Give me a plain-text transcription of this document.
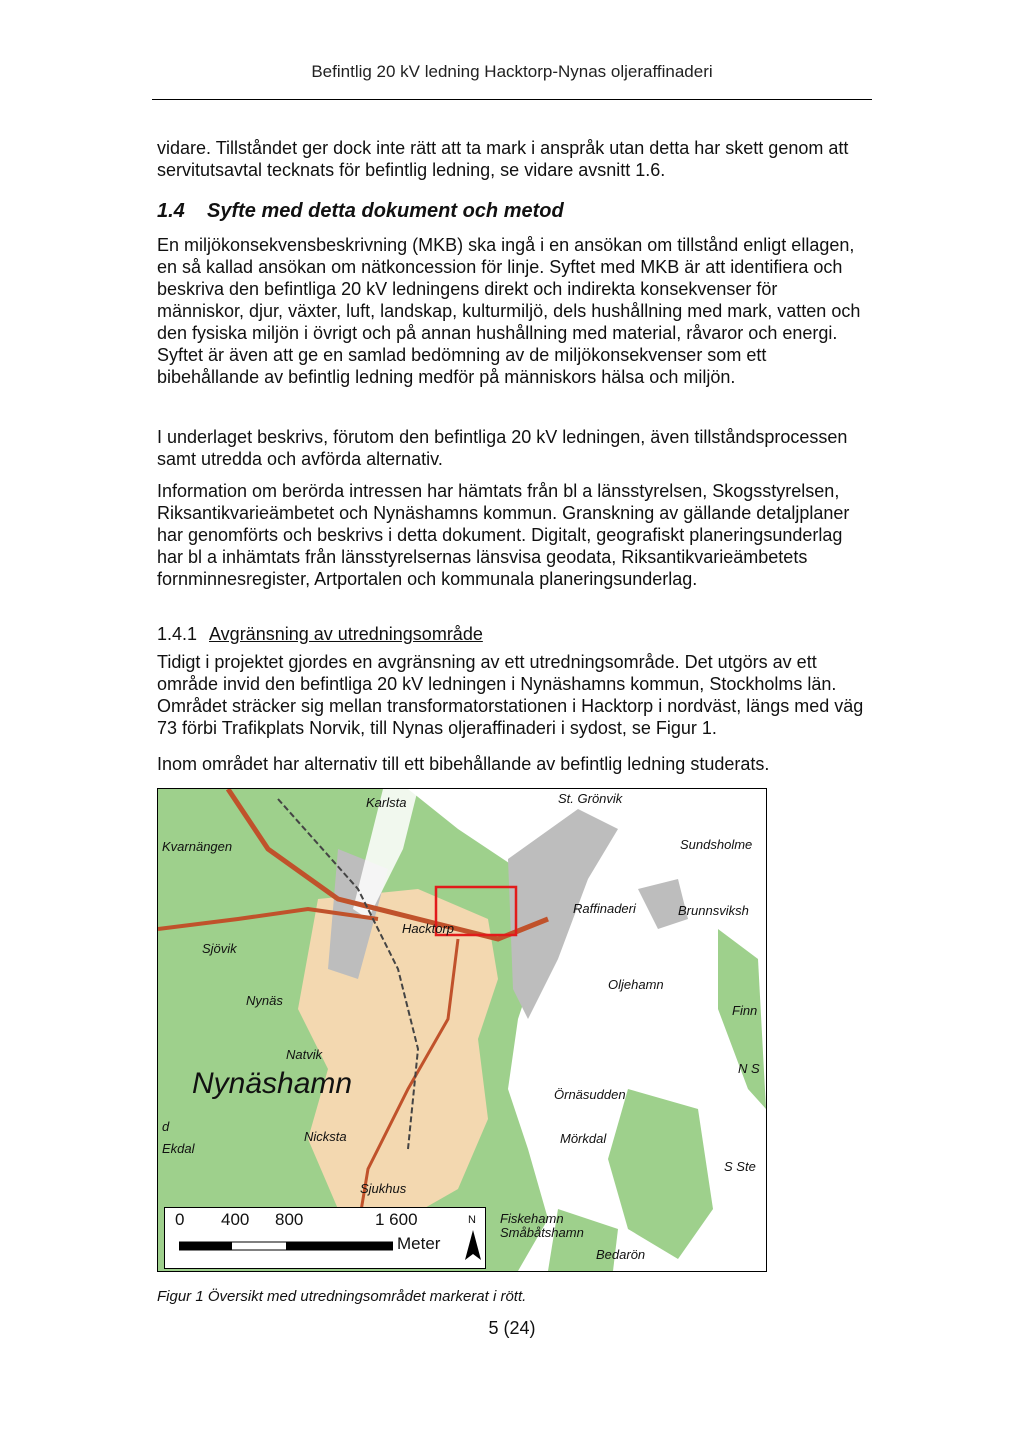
Befintlig 20 kV ledning Hacktorp-Nynas oljeraffinaderi

vidare. Tillståndet ger dock inte rätt att ta mark i anspråk utan detta har skett genom att servitutsavtal tecknats för befintlig ledning, se vidare avsnitt 1.6.

1.4 Syfte med detta dokument och metod

En miljökonsekvensbeskrivning (MKB) ska ingå i en ansökan om tillstånd enligt ellagen, en så kallad ansökan om nätkoncession för linje. Syftet med MKB är att identifiera och beskriva den befintliga 20 kV ledningens direkt och indirekta konsekvenser för människor, djur, växter, luft, landskap, kulturmiljö, dels hushållning med mark, vatten och den fysiska miljön i övrigt och på annan hushållning med material, råvaror och energi. Syftet är även att ge en samlad bedömning av de miljökonsekvenser som ett bibehållande av befintlig ledning medför på människors hälsa och miljön.

I underlaget beskrivs, förutom den befintliga 20 kV ledningen, även tillståndsprocessen samt utredda och avförda alternativ.

Information om berörda intressen har hämtats från bl a länsstyrelsen, Skogsstyrelsen, Riksantikvarieämbetet och Nynäshamns kommun. Granskning av gällande detaljplaner har genomförts och beskrivs i detta dokument. Digitalt, geografiskt planeringsunderlag har bl a inhämtats från länsstyrelsernas länsvisa geodata, Riksantikvarieämbetets fornminnesregister, Artportalen och kommunala planeringsunderlag.

1.4.1 Avgränsning av utredningsområde

Tidigt i projektet gjordes en avgränsning av ett utredningsområde. Det utgörs av ett område invid den befintliga 20 kV ledningen i Nynäshamns kommun, Stockholms län. Området sträcker sig mellan transformatorstationen i Hacktorp i nordväst, längs med väg 73 förbi Trafikplats Norvik, till Nynas oljeraffinaderi i sydost, se Figur 1.

Inom området har alternativ till ett bibehållande av befintlig ledning studerats.

Karlsta	St. Grönvik
Kvarnängen	Sundsholme
Raffinaderi	Brunnsviksh
Hacktorp
Sjövik
Oljehamn
Nynäs
Finn
Natvik
N S
Nynäshamn	Örnäsudden
d
Nicksta	Mörkdal
Ekdal
S Ste
Sjukhus
Fiskehamn
Småbåtshamn
Bedarön
0 400 800	1 600
Meter
N
Figur 1 Översikt med utredningsområdet markerat i rött.
5 (24)
